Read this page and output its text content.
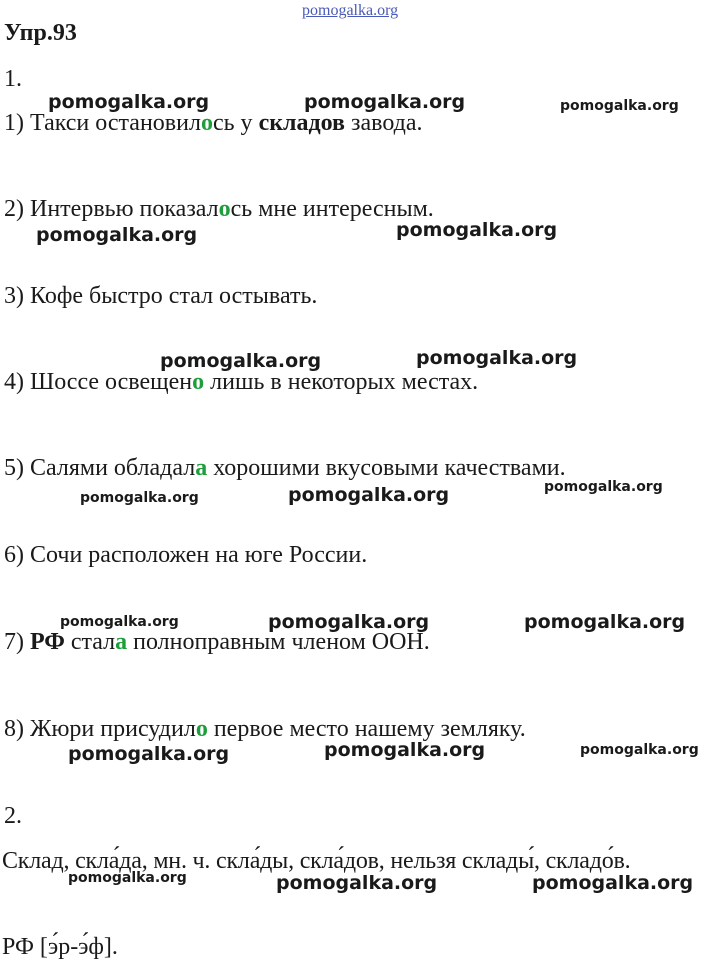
pomogalka.org
Упр.93
1.
1) Такси остановилось у складов завода.
2) Интервью показалось мне интересным.
3) Кофе быстро стал остывать.
4) Шоссе освещено лишь в некоторых местах.
5) Салями обладала хорошими вкусовыми качествами.
6) Сочи расположен на юге России.
7) РФ стала полноправным членом ООН.
8) Жюри присудило первое место нашему земляку.
2.
Склад, скла́да, мн. ч. скла́ды, скла́дов, нельзя склады́, складо́в.
РФ [э́р-э́ф].
pomogalka.org	pomogalka.org	pomogalka.org
pomogalka.org	pomogalka.org
pomogalka.org	pomogalka.org
pomogalka.org	pomogalka.org	pomogalka.org
pomogalka.org	pomogalka.org	pomogalka.org
pomogalka.org	pomogalka.org	pomogalka.org
pomogalka.org	pomogalka.org	pomogalka.org
